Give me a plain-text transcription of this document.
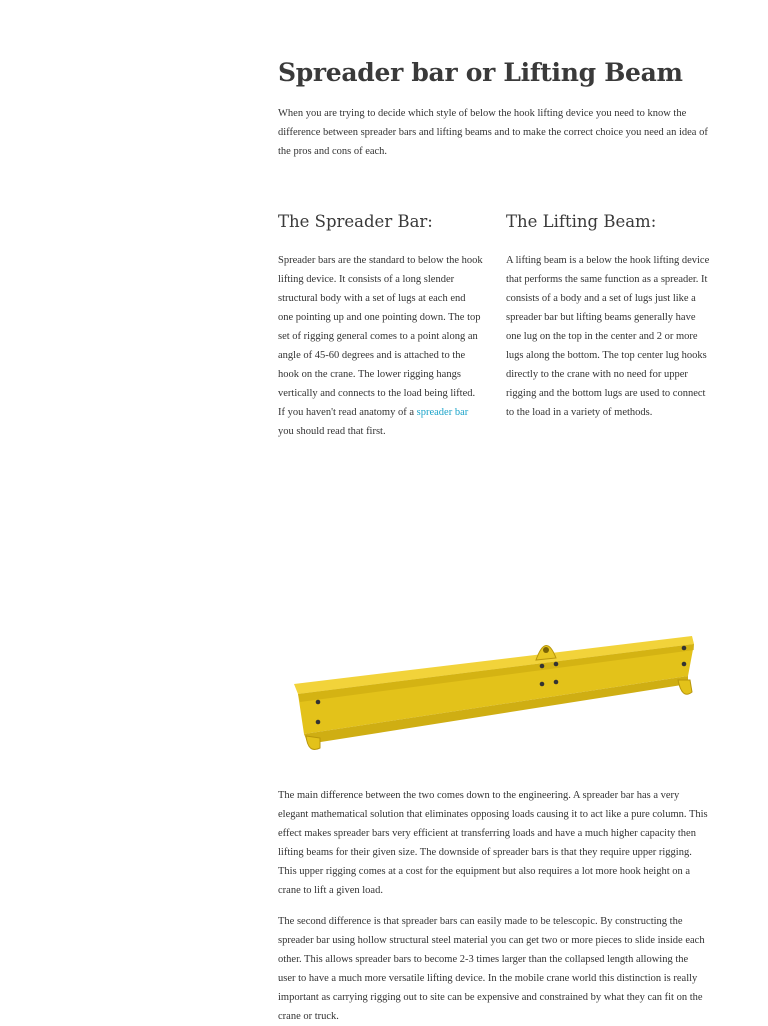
Spreader bar or Lifting Beam

When you are trying to decide which style of below the hook lifting device you need to know the difference between spreader bars and lifting beams and to make the correct choice you need an idea of the pros and cons of each.

The Spreader Bar:

Spreader bars are the standard to below the hook lifting device. It consists of a long slender structural body with a set of lugs at each end one pointing up and one pointing down. The top set of rigging general comes to a point along an angle of 45-60 degrees and is attached to the hook on the crane. The lower rigging hangs vertically and connects to the load being lifted. If you haven't read anatomy of a spreader bar you should read that first.

The Lifting Beam:

A lifting beam is a below the hook lifting device that performs the same function as a spreader. It consists of a body and a set of lugs just like a spreader bar but lifting beams generally have one lug on the top in the center and 2 or more lugs along the bottom. The top center lug hooks directly to the crane with no need for upper rigging and the bottom lugs are used to connect to the load in a variety of methods.

The main difference between the two comes down to the engineering. A spreader bar has a very elegant mathematical solution that eliminates opposing loads causing it to act like a pure column. This effect makes spreader bars very efficient at transferring loads and have a much higher capacity then lifting beams for their given size. The downside of spreader bars is that they require upper rigging. This upper rigging comes at a cost for the equipment but also requires a lot more hook height on a crane to lift a given load.

The second difference is that spreader bars can easily made to be telescopic. By constructing the spreader bar using hollow structural steel material you can get two or more pieces to slide inside each other. This allows spreader bars to become 2-3 times larger than the collapsed length allowing the user to have a much more versatile lifting device. In the mobile crane world this distinction is really important as carrying rigging out to site can be expensive and constrained by what they can fit on the crane or truck.
